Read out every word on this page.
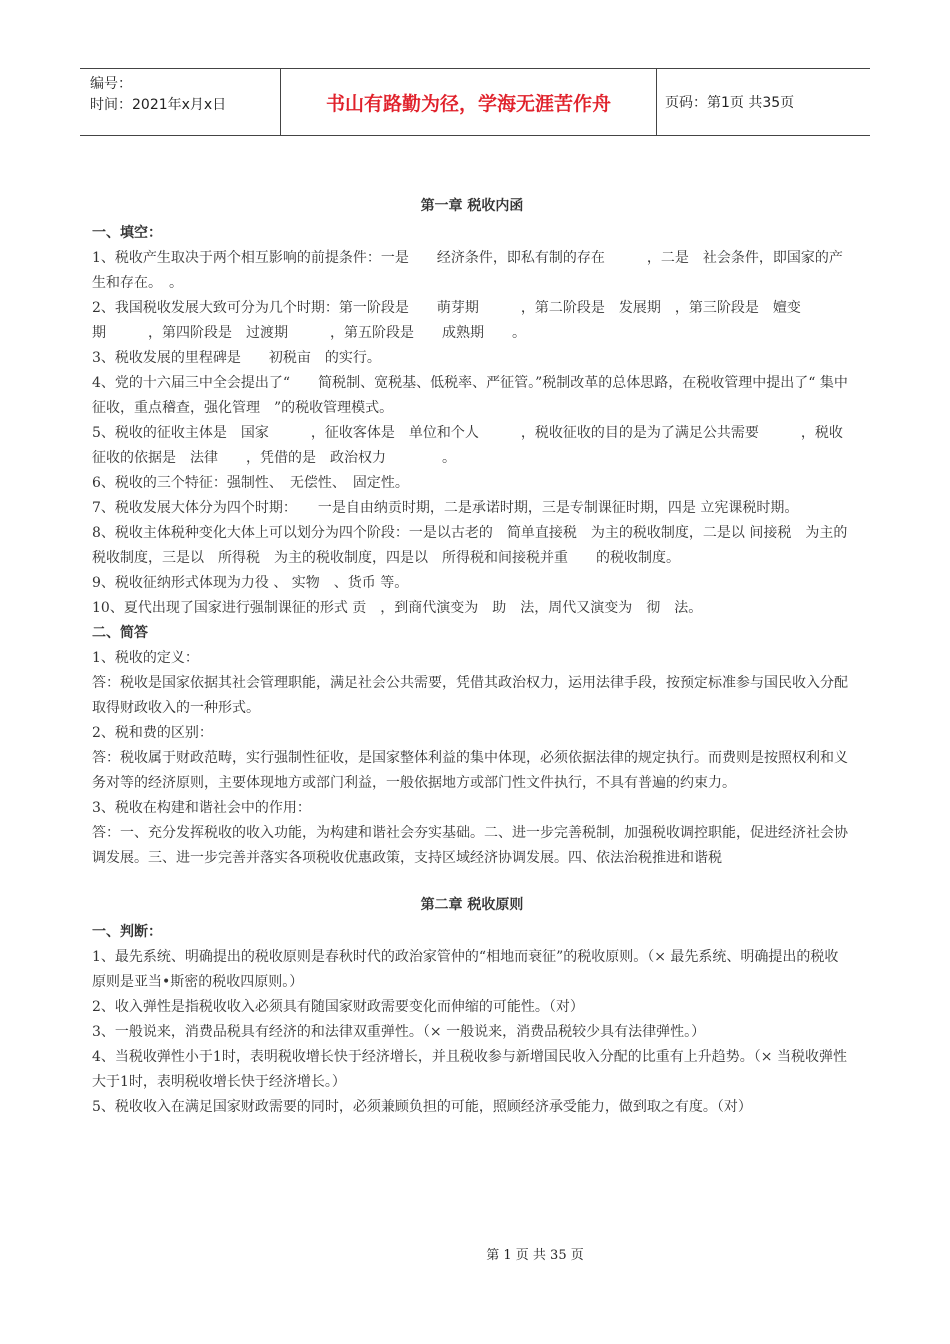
编号：
时间：2021年x月x日	书山有路勤为径，学海无涯苦作舟	页码：第1页 共35页
第一章 税收内函
一、填空：

1、税收产生取决于两个相互影响的前提条件：一是　　经济条件，即私有制的存在　　　，二是　社会条件，即国家的产生和存在。　。

2、我国税收发展大致可分为几个时期：第一阶段是　　萌芽期　　　，第二阶段是　发展期　，第三阶段是　嬗变期　　　，第四阶段是　过渡期　　　，第五阶段是　　成熟期　　。

3、税收发展的里程碑是　　初税亩　的实行。

4、党的十六届三中全会提出了“　　简税制、宽税基、低税率、严征管。”税制改革的总体思路，在税收管理中提出了“ 集中征收，重点稽查，强化管理　”的税收管理模式。

5、税收的征收主体是　国家　　　，征收客体是　单位和个人　　　，税收征收的目的是为了满足公共需要　　　，税收征收的依据是　法律　　，凭借的是　政治权力　　　　。

6、税收的三个特征：强制性、　无偿性、　固定性。

7、税收发展大体分为四个时期：　　一是自由纳贡时期，二是承诺时期，三是专制课征时期，四是 立宪课税时期。

8、税收主体税种变化大体上可以划分为四个阶段：一是以古老的　简单直接税　为主的税收制度，二是以 间接税　为主的税收制度，三是以　所得税　为主的税收制度，四是以　所得税和间接税并重　　的税收制度。

9、税收征纳形式体现为力役 、 实物　、货币 等。

10、夏代出现了国家进行强制课征的形式 贡　，到商代演变为　助　法，周代又演变为　彻　法。

二、简答

1、税收的定义：

答：税收是国家依据其社会管理职能，满足社会公共需要，凭借其政治权力，运用法律手段，按预定标准参与国民收入分配取得财政收入的一种形式。

2、税和费的区别：

答：税收属于财政范畴，实行强制性征收，是国家整体利益的集中体现，必须依据法律的规定执行。而费则是按照权利和义务对等的经济原则，主要体现地方或部门利益，一般依据地方或部门性文件执行，不具有普遍的约束力。

3、税收在构建和谐社会中的作用：

答：一、充分发挥税收的收入功能，为构建和谐社会夯实基础。二、进一步完善税制，加强税收调控职能，促进经济社会协调发展。三、进一步完善并落实各项税收优惠政策，支持区域经济协调发展。四、依法治税推进和谐税

第二章 税收原则
一、判断：

1、最先系统、明确提出的税收原则是春秋时代的政治家管仲的“相地而衰征”的税收原则。（× 最先系统、明确提出的税收原则是亚当•斯密的税收四原则。）

2、收入弹性是指税收收入必须具有随国家财政需要变化而伸缩的可能性。（对）

3、一般说来，消费品税具有经济的和法律双重弹性。（× 一般说来，消费品税较少具有法律弹性。）

4、当税收弹性小于1时，表明税收增长快于经济增长，并且税收参与新增国民收入分配的比重有上升趋势。（× 当税收弹性大于1时，表明税收增长快于经济增长。）

5、税收收入在满足国家财政需要的同时，必须兼顾负担的可能，照顾经济承受能力，做到取之有度。（对）

第 1 页 共 35 页
